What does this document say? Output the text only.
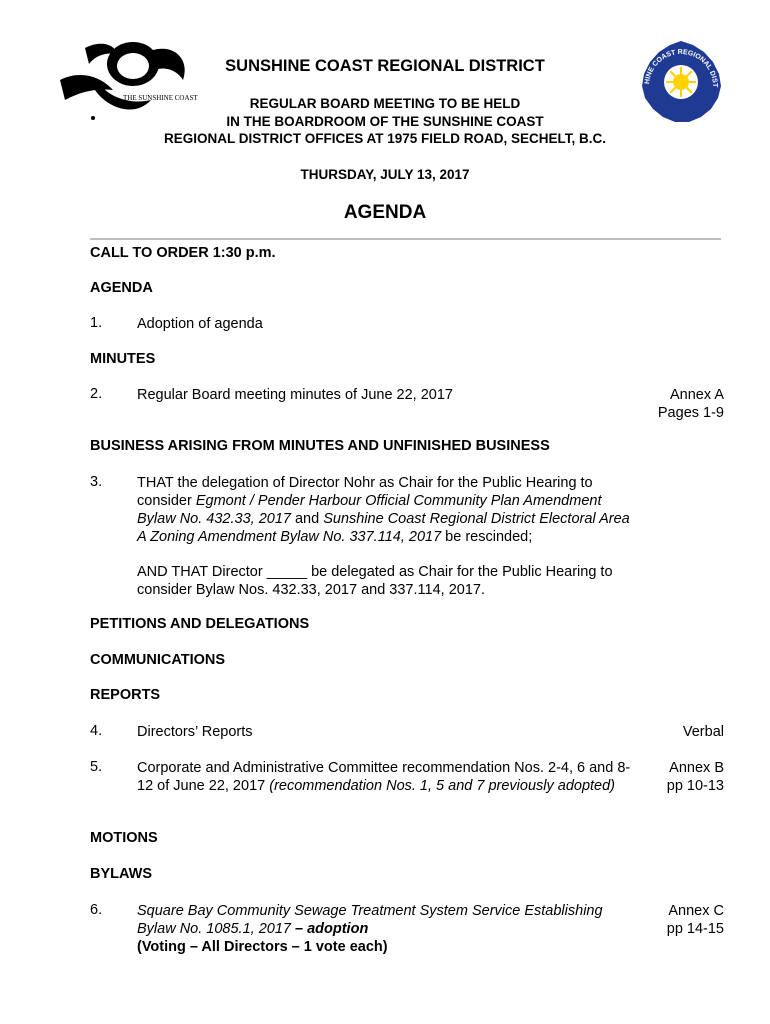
THE SUNSHINE COAST
HINE COAST REGIONAL DIST
SUNSHINE COAST REGIONAL DISTRICT
REGULAR BOARD MEETING TO BE HELD
IN THE BOARDROOM OF THE SUNSHINE COAST
REGIONAL DISTRICT OFFICES AT 1975 FIELD ROAD, SECHELT, B.C.
THURSDAY, JULY 13, 2017
AGENDA
CALL TO ORDER 1:30 p.m.
AGENDA
1. Adoption of agenda
MINUTES
2. Regular Board meeting minutes of June 22, 2017	Annex A
Pages 1-9
BUSINESS ARISING FROM MINUTES AND UNFINISHED BUSINESS
3. THAT the delegation of Director Nohr as Chair for the Public Hearing to consider Egmont / Pender Harbour Official Community Plan Amendment Bylaw No. 432.33, 2017 and Sunshine Coast Regional District Electoral Area A Zoning Amendment Bylaw No. 337.114, 2017 be rescinded;
AND THAT Director _____ be delegated as Chair for the Public Hearing to consider Bylaw Nos. 432.33, 2017 and 337.114, 2017.
PETITIONS AND DELEGATIONS
COMMUNICATIONS
REPORTS
4. Directors’ Reports	Verbal
5. Corporate and Administrative Committee recommendation Nos. 2-4, 6 and 8-12 of June 22, 2017 (recommendation Nos. 1, 5 and 7 previously adopted)
Annex B
pp 10-13
MOTIONS
BYLAWS
6. Square Bay Community Sewage Treatment System Service Establishing Bylaw No. 1085.1, 2017 – adoption
(Voting – All Directors – 1 vote each)
Annex C
pp 14-15
